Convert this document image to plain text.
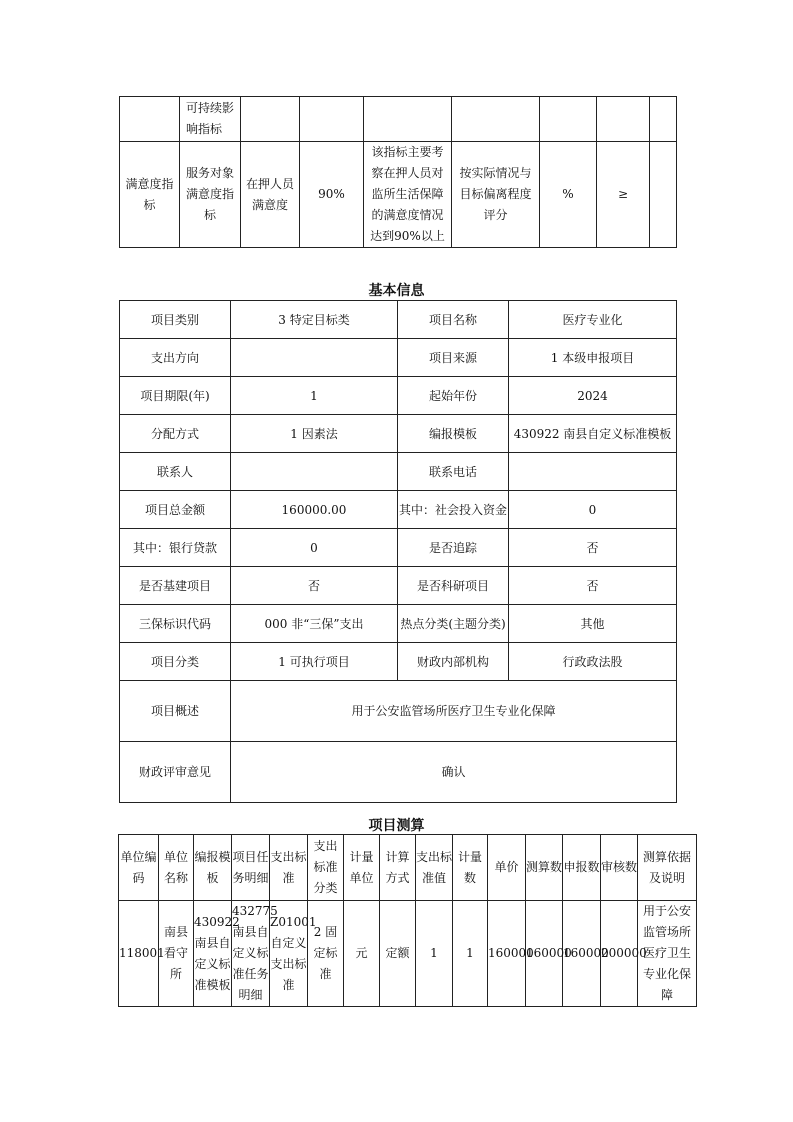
	可持续影响指标							
满意度指标	服务对象满意度指标	在押人员满意度	90%	该指标主要考察在押人员对监所生活保障的满意度情况达到90%以上	按实际情况与目标偏离程度评分	%	≥	
基本信息
项目类别	3 特定目标类	项目名称	医疗专业化
支出方向		项目来源	1 本级申报项目
项目期限(年)	1	起始年份	2024
分配方式	1 因素法	编报模板	430922 南县自定义标准模板
联系人		联系电话	
项目总金额	160000.00	其中：社会投入资金	0
其中：银行贷款	0	是否追踪	否
是否基建项目	否	是否科研项目	否
三保标识代码	000 非“三保”支出	热点分类(主题分类)	其他
项目分类	1 可执行项目	财政内部机构	行政政法股
项目概述	用于公安监管场所医疗卫生专业化保障		
财政评审意见	确认		
项目测算
单位编码	单位名称	编报模板	项目任务明细	支出标准	支出标准分类	计量单位	计算方式	支出标准值	计量数	单价	测算数	申报数	审核数	测算依据及说明
118001	南县看守所	430922南县自定义标准模板	432775南县自定义标准任务明细	Z01001自定义支出标准	2 固定标准	元	定额	1	1	160000	160000	160000	200000	用于公安监管场所医疗卫生专业化保障
